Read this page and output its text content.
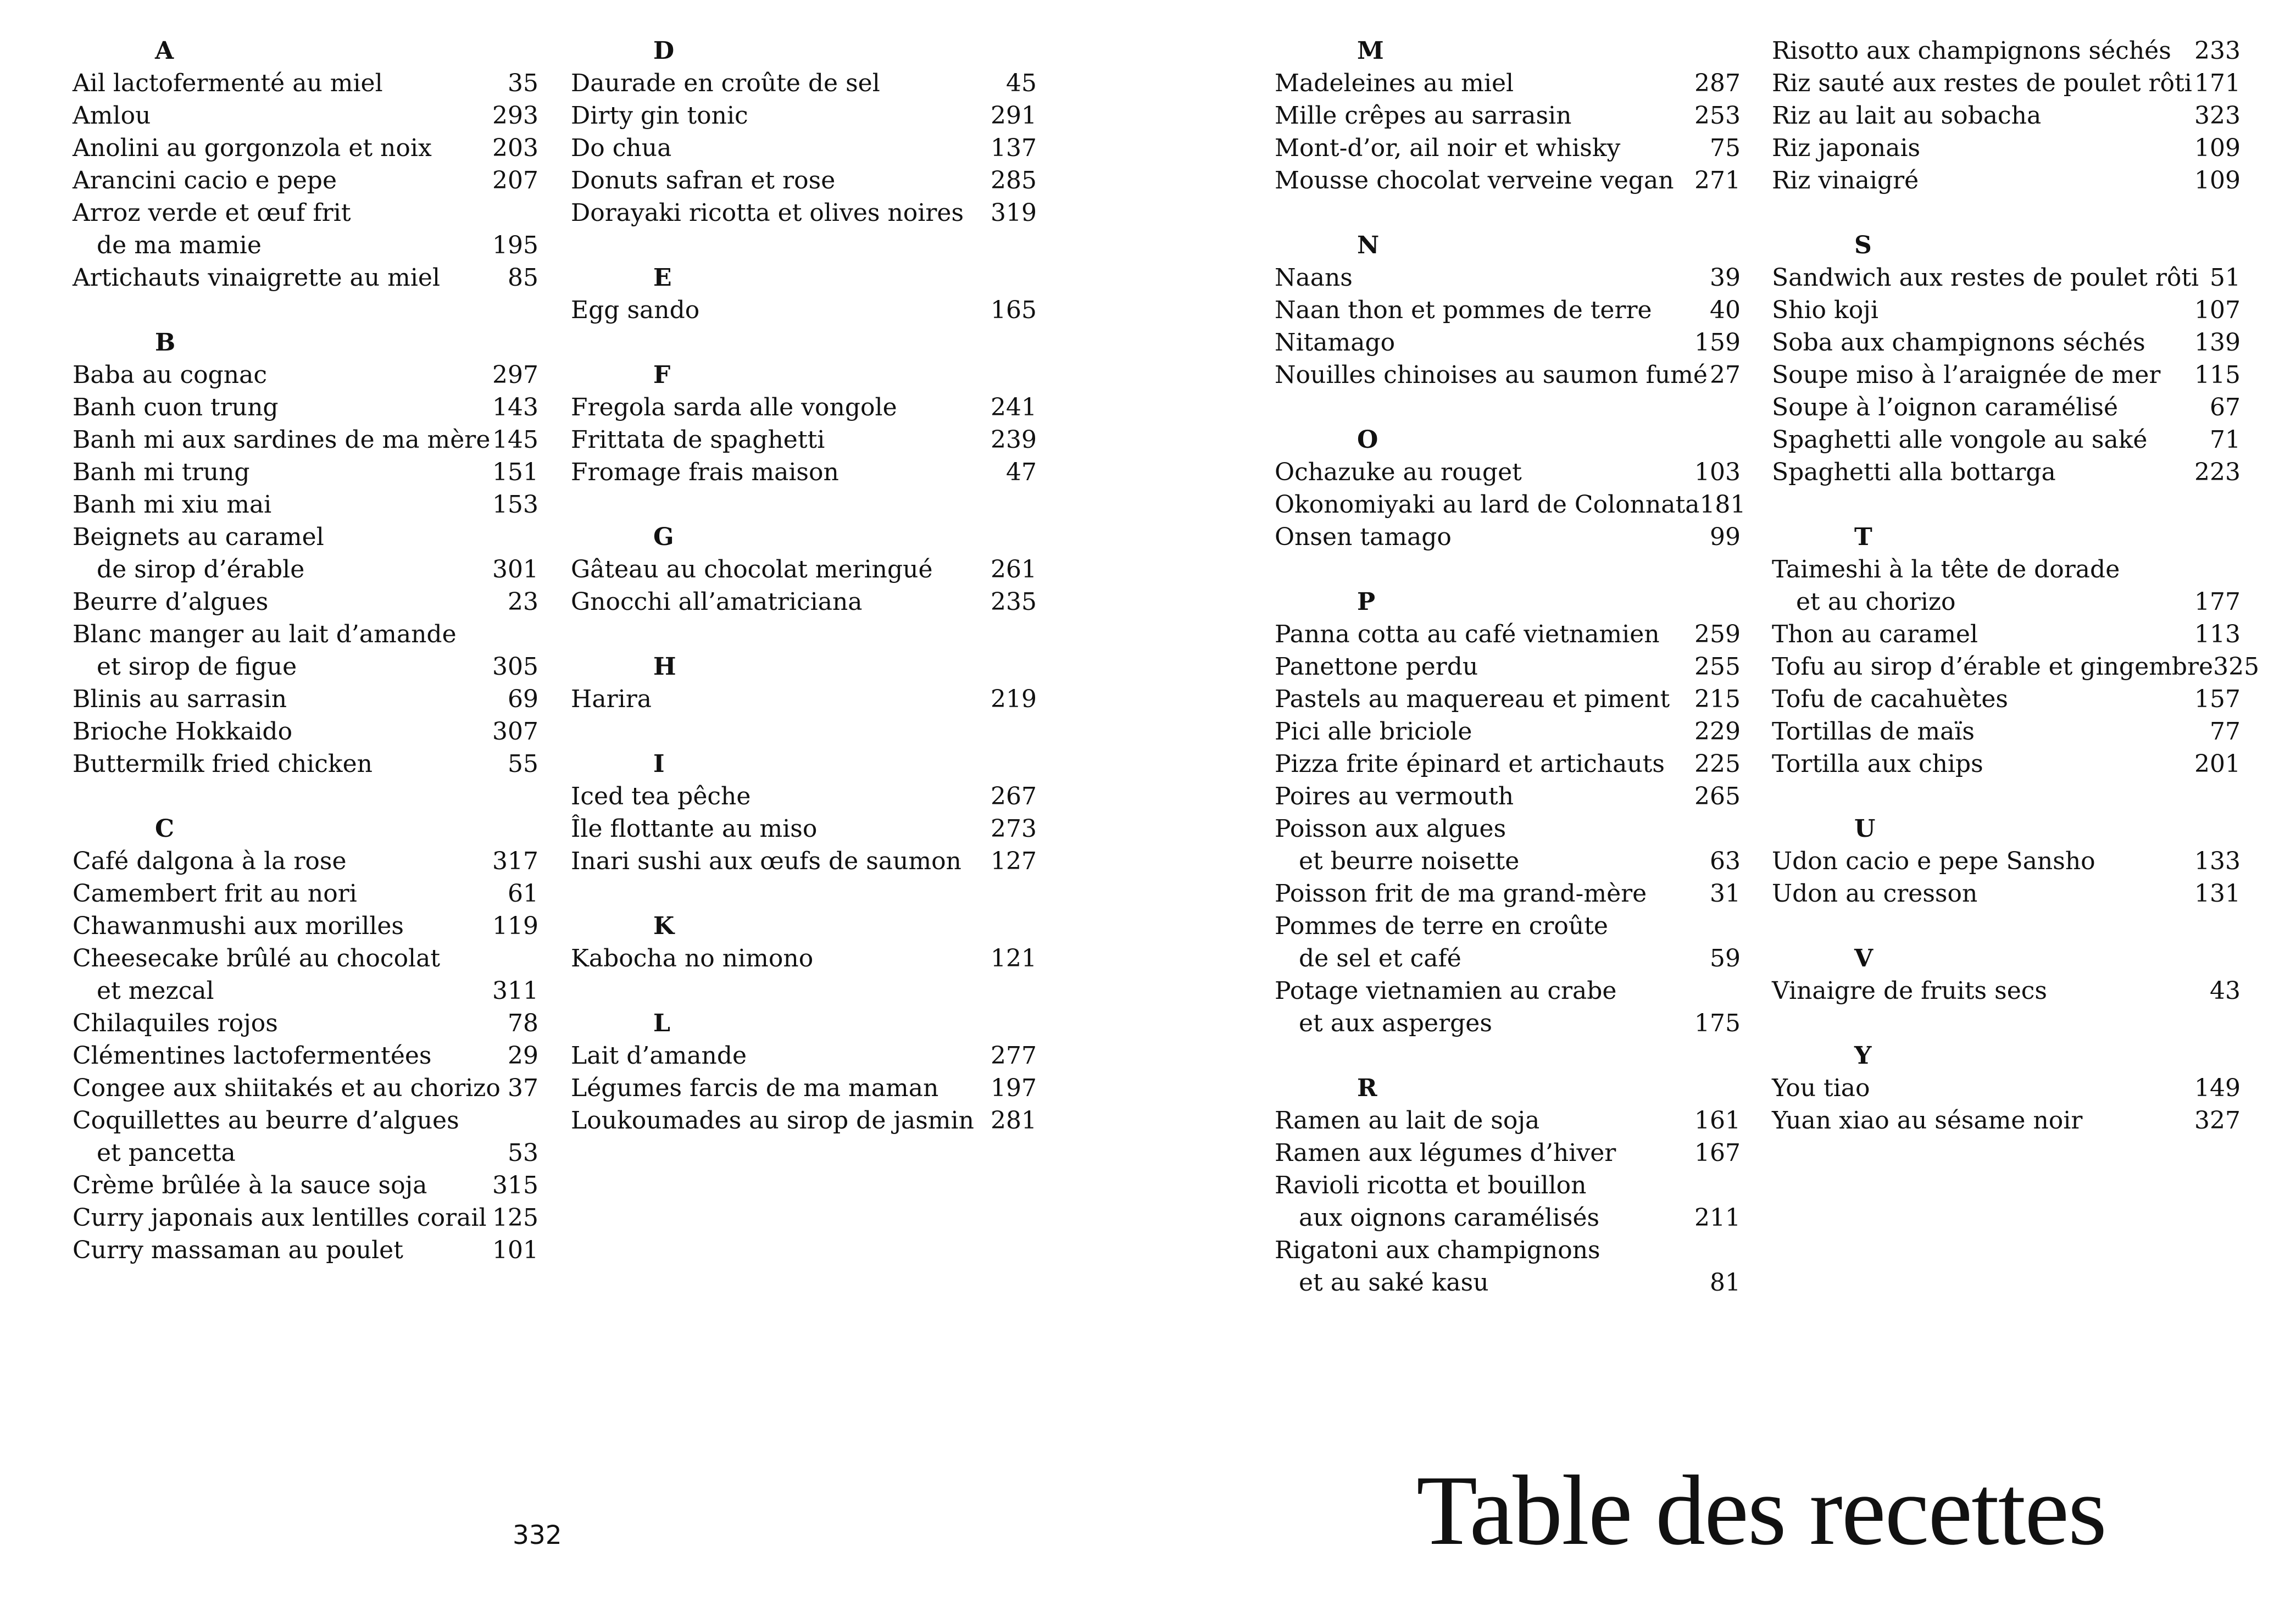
A
Ail lactofermenté au miel	35
Amlou	293
Anolini au gorgonzola et noix	203
Arancini cacio e pepe	207
Arroz verde et œuf frit
de ma mamie	195
Artichauts vinaigrette au miel	85
B
Baba au cognac	297
Banh cuon trung	143
Banh mi aux sardines de ma mère 145
Banh mi trung	151
Banh mi xiu mai	153
Beignets au caramel
de sirop d’érable	301
Beurre d’algues	23
Blanc manger au lait d’amande
et sirop de figue	305
Blinis au sarrasin	69
Brioche Hokkaido	307
Buttermilk fried chicken	55
C
Café dalgona à la rose	317
Camembert frit au nori	61
Chawanmushi aux morilles	119
Cheesecake brûlé au chocolat
et mezcal	311
Chilaquiles rojos	78
Clémentines lactofermentées	29
Congee aux shiitakés et au chorizo 37
Coquillettes au beurre d’algues
et pancetta	53
Crème brûlée à la sauce soja	315
Curry japonais aux lentilles corail 125
Curry massaman au poulet	101
D
Daurade en croûte de sel	45
Dirty gin tonic	291
Do chua	137
Donuts safran et rose	285
Dorayaki ricotta et olives noires 319
E
Egg sando	165
F
Fregola sarda alle vongole	241
Frittata de spaghetti	239
Fromage frais maison	47
G
Gâteau au chocolat meringué 261
Gnocchi all’amatriciana	235
H
Harira	219
I
Iced tea pêche	267
Île flottante au miso	273
Inari sushi aux œufs de saumon 127
K
Kabocha no nimono	121
L
Lait d’amande	277
Légumes farcis de ma maman 197
Loukoumades au sirop de jasmin 281
M
Madeleines au miel	287
Mille crêpes au sarrasin	253
Mont-d’or, ail noir et whisky	75
Mousse chocolat verveine vegan 271
N
Naans	39
Naan thon et pommes de terre 40
Nitamago	159
Nouilles chinoises au saumon fumé 27
O
Ochazuke au rouget	103
Okonomiyaki au lard de Colonnata 181
Onsen tamago	99
P
Panna cotta au café vietnamien 259
Panettone perdu	255
Pastels au maquereau et piment 215
Pici alle briciole	229
Pizza frite épinard et artichauts 225
Poires au vermouth	265
Poisson aux algues
et beurre noisette	63
Poisson frit de ma grand-mère	31
Pommes de terre en croûte
de sel et café	59
Potage vietnamien au crabe
et aux asperges	175
R
Ramen au lait de soja	161
Ramen aux légumes d’hiver	167
Ravioli ricotta et bouillon
aux oignons caramélisés	211
Rigatoni aux champignons
et au saké kasu	81
Risotto aux champignons séchés 233
Riz sauté aux restes de poulet rôti 171
Riz au lait au sobacha	323
Riz japonais	109
Riz vinaigré	109
S
Sandwich aux restes de poulet rôti 51
Shio koji	107
Soba aux champignons séchés 139
Soupe miso à l’araignée de mer 115
Soupe à l’oignon caramélisé	67
Spaghetti alle vongole au saké	71
Spaghetti alla bottarga	223
T
Taimeshi à la tête de dorade
et au chorizo	177
Thon au caramel	113
Tofu au sirop d’érable et gingembre 325
Tofu de cacahuètes	157
Tortillas de maïs	77
Tortilla aux chips	201
U
Udon cacio e pepe Sansho	133
Udon au cresson	131
V
Vinaigre de fruits secs	43
Y
You tiao	149
Yuan xiao au sésame noir	327
332	Table des recettes
